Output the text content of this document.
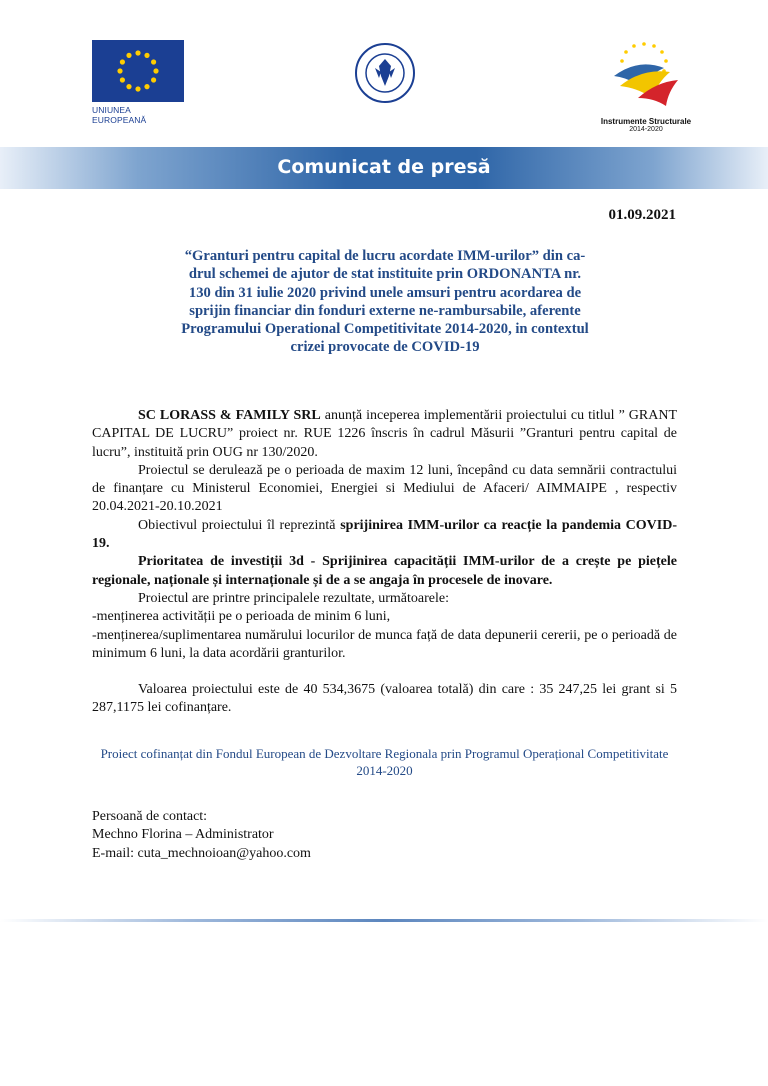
UNIUNEA EUROPEANĂ	Instrumente Structurale
2014-2020
Comunicat de presă
01.09.2021
“Granturi pentru capital de lucru acordate IMM-urilor” din ca-
drul schemei de ajutor de stat instituite prin ORDONANTA nr.
130 din 31 iulie 2020 privind unele amsuri pentru acordarea de
sprijin financiar din fonduri externe ne-rambursabile, aferente
Programului Operational Competitivitate 2014-2020, in contextul
crizei provocate de COVID-19

SC LORASS & FAMILY SRL anunță inceperea implementării proiectului cu titlul ” GRANT CAPITAL DE LUCRU” proiect nr. RUE 1226 înscris în cadrul Măsurii ”Granturi pentru capital de lucru”, instituită prin OUG nr 130/2020.

Proiectul se derulează pe o perioada de maxim 12 luni, începând cu data semnării contractului de finanțare cu Ministerul Economiei, Energiei si Mediului de Afaceri/ AIMMAIPE , respectiv 20.04.2021-20.10.2021

Obiectivul proiectului îl reprezintă sprijinirea IMM-urilor ca reacție la pandemia COVID-19.

Prioritatea de investiții 3d - Sprijinirea capacității IMM-urilor de a crește pe piețele regionale, naționale și internaționale și de a se angaja în procesele de inovare.

Proiectul are printre principalele rezultate, următoarele:

-menținerea activității pe o perioada de minim 6 luni,

-menținerea/suplimentarea numărului locurilor de munca față de data depunerii cererii, pe o perioadă de minimum 6 luni, la data acordării granturilor.

Valoarea proiectului este de 40 534,3675 (valoarea totală) din care : 35 247,25 lei grant si 5 287,1175 lei cofinanțare.

Proiect cofinanțat din Fondul European de Dezvoltare Regionala prin Programul Operațional Competitivitate 2014-2020
Persoană de contact:
Mechno Florina – Administrator
E-mail: cuta_mechnoioan@yahoo.com
